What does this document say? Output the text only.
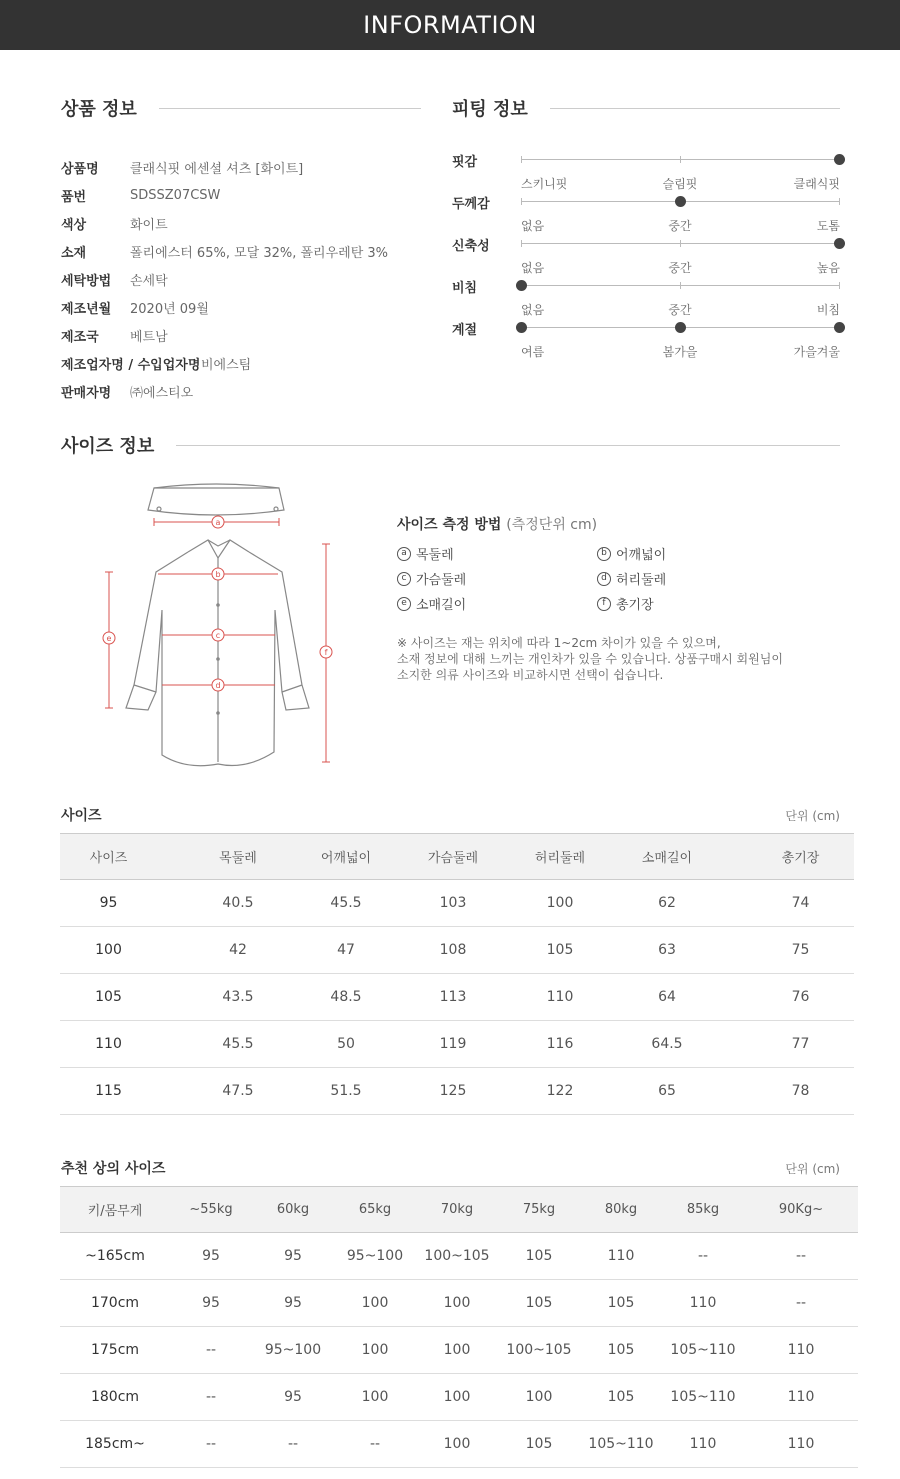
INFORMATION
상품 정보
상품명	클래식핏 에센셜 셔츠 [화이트]
품번	SDSSZ07CSW
색상	화이트
소재	폴리에스터 65%, 모달 32%, 폴리우레탄 3%
세탁방법	손세탁
제조년월	2020년 09월
제조국	베트남
제조업자명 / 수입업자명 비에스팀
판매자명	㈜에스티오
피팅 정보
핏감
스키니핏	슬림핏	클래식핏
두께감
없음	중간	도톰
신축성
없음	중간	높음
비침
없음	중간	비침
계절
여름	봄가을	가을겨울
사이즈 정보
a
b
c
d
e
f
사이즈 측정 방법 (측정단위 cm)
a 목둘레	b 어깨넓이
c 가슴둘레	d 허리둘레
e 소매길이	f 총기장
※ 사이즈는 재는 위치에 따라 1~2cm 차이가 있을 수 있으며,
소재 정보에 대해 느끼는 개인차가 있을 수 있습니다. 상품구매시 회원님이
소지한 의류 사이즈와 비교하시면 선택이 쉽습니다.
사이즈	단위 (cm)
사이즈	목둘레	어깨넓이	가슴둘레	허리둘레	소매길이	총기장
95	40.5	45.5	103	100	62	74
100	42	47	108	105	63	75
105	43.5	48.5	113	110	64	76
110	45.5	50	119	116	64.5	77
115	47.5	51.5	125	122	65	78
추천 상의 사이즈	단위 (cm)
키/몸무게	~55kg	60kg	65kg	70kg	75kg	80kg	85kg	90Kg~
~165cm	95	95	95~100	100~105	105	110	--	--
170cm	95	95	100	100	105	105	110	--
175cm	--	95~100	100	100	100~105	105	105~110	110
180cm	--	95	100	100	100	105	105~110	110
185cm~	--	--	--	100	105	105~110	110	110
